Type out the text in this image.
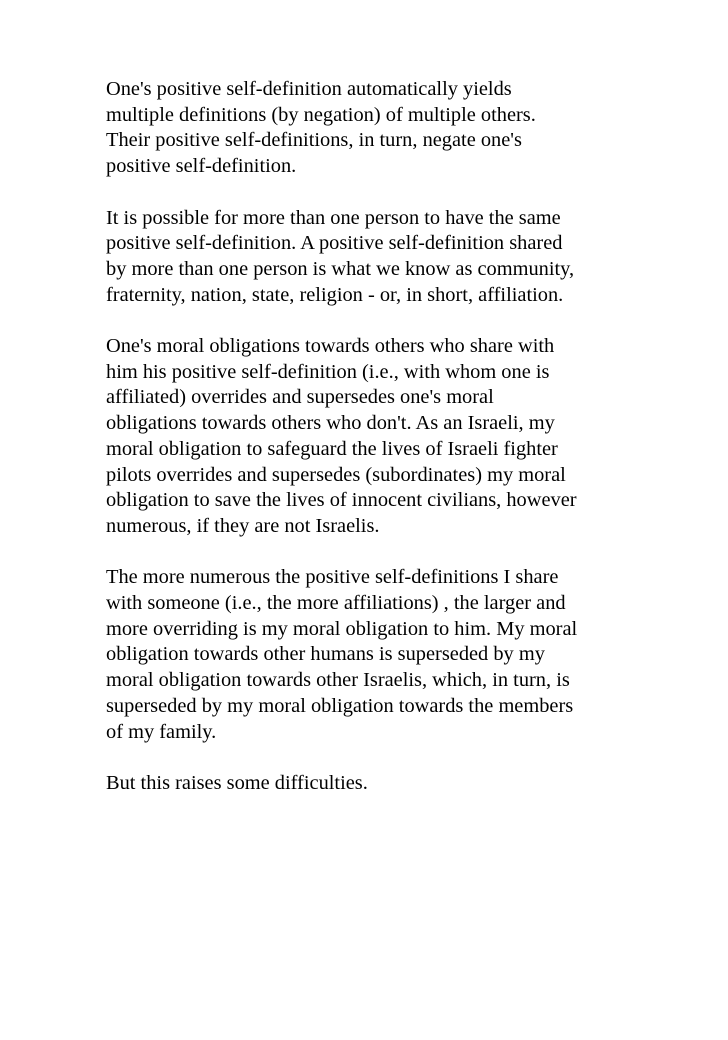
One's positive self-definition automatically yields
multiple definitions (by negation) of multiple others.
Their positive self-definitions, in turn, negate one's
positive self-definition.

It is possible for more than one person to have the same
positive self-definition. A positive self-definition shared
by more than one person is what we know as community,
fraternity, nation, state, religion - or, in short, affiliation.

One's moral obligations towards others who share with
him his positive self-definition (i.e., with whom one is
affiliated) overrides and supersedes one's moral
obligations towards others who don't. As an Israeli, my
moral obligation to safeguard the lives of Israeli fighter
pilots overrides and supersedes (subordinates) my moral
obligation to save the lives of innocent civilians, however
numerous, if they are not Israelis.

The more numerous the positive self-definitions I share
with someone (i.e., the more affiliations) , the larger and
more overriding is my moral obligation to him. My moral
obligation towards other humans is superseded by my
moral obligation towards other Israelis, which, in turn, is
superseded by my moral obligation towards the members
of my family.

But this raises some difficulties.
